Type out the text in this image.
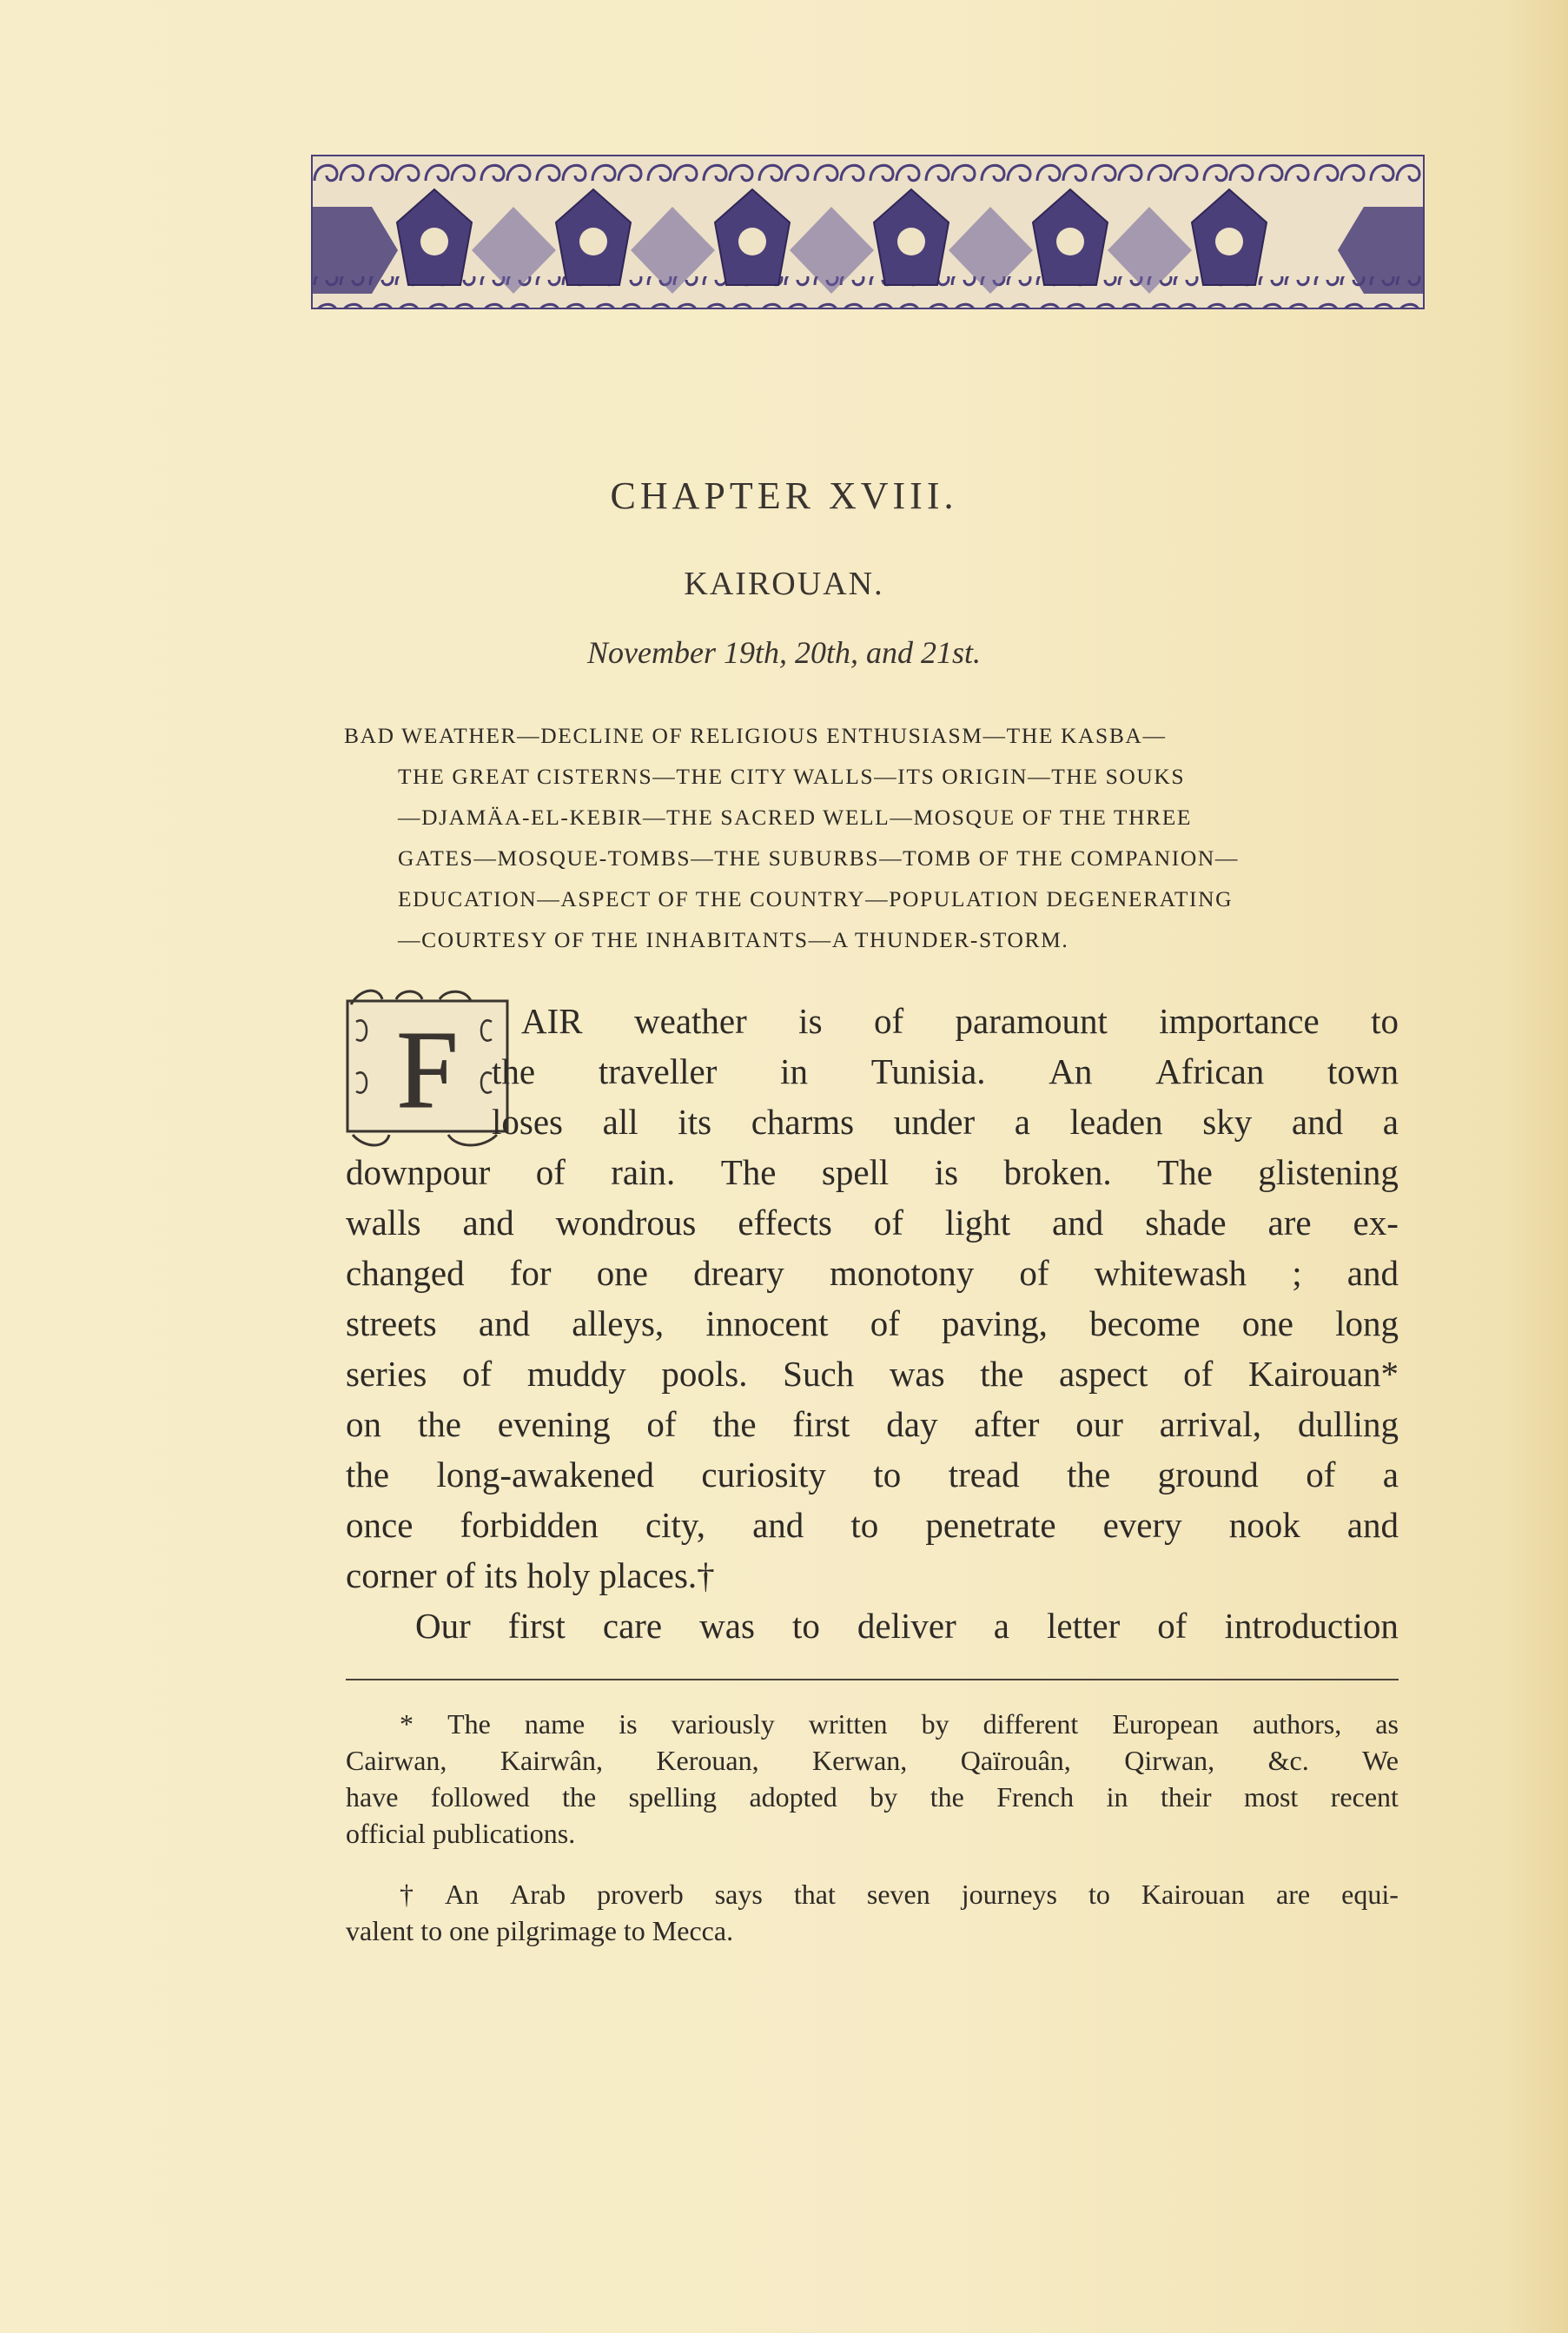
CHAPTER XVIII.
KAIROUAN.
November 19th, 20th, and 21st.
BAD WEATHER—DECLINE OF RELIGIOUS ENTHUSIASM—THE KASBA—
THE GREAT CISTERNS—THE CITY WALLS—ITS ORIGIN—THE SOUKS
—DJAMÄA-EL-KEBIR—THE SACRED WELL—MOSQUE OF THE THREE
GATES—MOSQUE-TOMBS—THE SUBURBS—TOMB OF THE COMPANION—
EDUCATION—ASPECT OF THE COUNTRY—POPULATION DEGENERATING
—COURTESY OF THE INHABITANTS—A THUNDER-STORM.
F AIR weather is of paramount importance to
the traveller in Tunisia. An African town
loses all its charms under a leaden sky and a
downpour of rain. The spell is broken. The glistening
walls and wondrous effects of light and shade are ex-
changed for one dreary monotony of whitewash ; and
streets and alleys, innocent of paving, become one long
series of muddy pools. Such was the aspect of Kairouan*
on the evening of the first day after our arrival, dulling
the long-awakened curiosity to tread the ground of a
once forbidden city, and to penetrate every nook and
corner of its holy places.†
Our first care was to deliver a letter of introduction
* The name is variously written by different European authors, as
Cairwan, Kairwân, Kerouan, Kerwan, Qaïrouân, Qirwan, &c. We
have followed the spelling adopted by the French in their most recent
official publications.
† An Arab proverb says that seven journeys to Kairouan are equi-
valent to one pilgrimage to Mecca.
